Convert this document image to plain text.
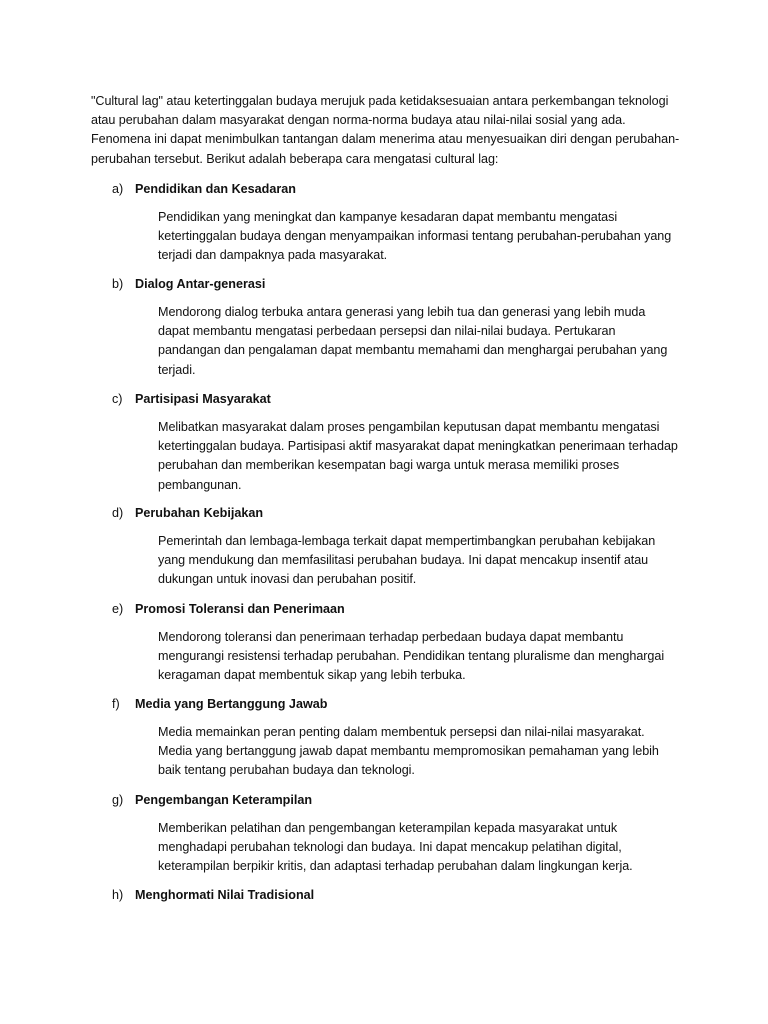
"Cultural lag" atau ketertinggalan budaya merujuk pada ketidaksesuaian antara perkembangan teknologi atau perubahan dalam masyarakat dengan norma-norma budaya atau nilai-nilai sosial yang ada. Fenomena ini dapat menimbulkan tantangan dalam menerima atau menyesuaikan diri dengan perubahan-perubahan tersebut. Berikut adalah beberapa cara mengatasi cultural lag:

a) Pendidikan dan Kesadaran

Pendidikan yang meningkat dan kampanye kesadaran dapat membantu mengatasi ketertinggalan budaya dengan menyampaikan informasi tentang perubahan-perubahan yang terjadi dan dampaknya pada masyarakat.

b) Dialog Antar-generasi

Mendorong dialog terbuka antara generasi yang lebih tua dan generasi yang lebih muda dapat membantu mengatasi perbedaan persepsi dan nilai-nilai budaya. Pertukaran pandangan dan pengalaman dapat membantu memahami dan menghargai perubahan yang terjadi.

c) Partisipasi Masyarakat

Melibatkan masyarakat dalam proses pengambilan keputusan dapat membantu mengatasi ketertinggalan budaya. Partisipasi aktif masyarakat dapat meningkatkan penerimaan terhadap perubahan dan memberikan kesempatan bagi warga untuk merasa memiliki proses pembangunan.

d) Perubahan Kebijakan

Pemerintah dan lembaga-lembaga terkait dapat mempertimbangkan perubahan kebijakan yang mendukung dan memfasilitasi perubahan budaya. Ini dapat mencakup insentif atau dukungan untuk inovasi dan perubahan positif.

e) Promosi Toleransi dan Penerimaan

Mendorong toleransi dan penerimaan terhadap perbedaan budaya dapat membantu mengurangi resistensi terhadap perubahan. Pendidikan tentang pluralisme dan menghargai keragaman dapat membentuk sikap yang lebih terbuka.

f) Media yang Bertanggung Jawab

Media memainkan peran penting dalam membentuk persepsi dan nilai-nilai masyarakat. Media yang bertanggung jawab dapat membantu mempromosikan pemahaman yang lebih baik tentang perubahan budaya dan teknologi.

g) Pengembangan Keterampilan

Memberikan pelatihan dan pengembangan keterampilan kepada masyarakat untuk menghadapi perubahan teknologi dan budaya. Ini dapat mencakup pelatihan digital, keterampilan berpikir kritis, dan adaptasi terhadap perubahan dalam lingkungan kerja.

h) Menghormati Nilai Tradisional
